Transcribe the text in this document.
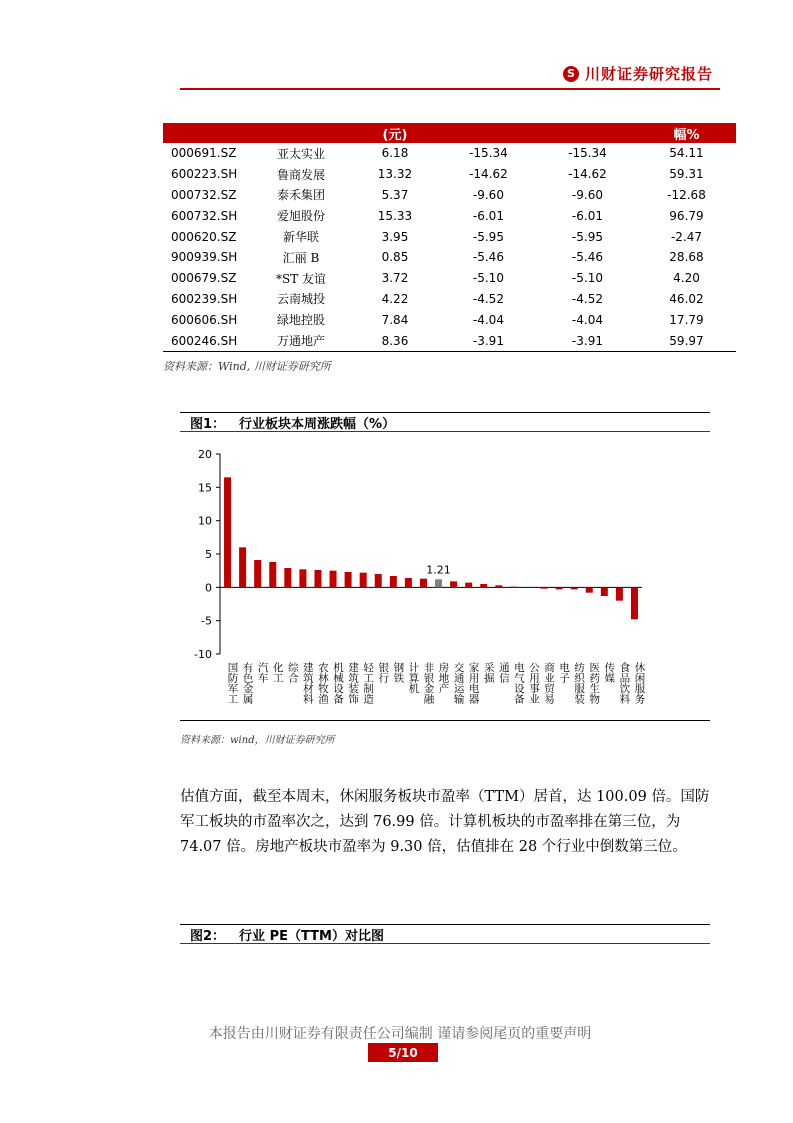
S 川财证券研究报告
		(元)			幅%
000691.SZ	亚太实业	6.18	-15.34	-15.34	54.11
600223.SH	鲁商发展	13.32	-14.62	-14.62	59.31
000732.SZ	泰禾集团	5.37	-9.60	-9.60	-12.68
600732.SH	爱旭股份	15.33	-6.01	-6.01	96.79
000620.SZ	新华联	3.95	-5.95	-5.95	-2.47
900939.SH	汇丽 B	0.85	-5.46	-5.46	28.68
000679.SZ	*ST 友谊	3.72	-5.10	-5.10	4.20
600239.SH	云南城投	4.22	-4.52	-4.52	46.02
600606.SH	绿地控股	7.84	-4.04	-4.04	17.79
600246.SH	万通地产	8.36	-3.91	-3.91	59.97
资料来源：Wind, 川财证券研究所
图1： 行业板块本周涨跌幅（%）
-10
-5
0
5
10
15
20
国防军工 有色金属 汽车 化工 综合 建筑材料 农林牧渔 机械设备 建筑装饰 轻工制造 银行 钢铁 计算机 非银金融 房地产
1.21
交通运输 家用电器 采掘 通信 电气设备 公用事业 商业贸易 电子 纺织服装 医药生物 传媒 食品饮料 休闲服务
资料来源：wind，川财证券研究所
估值方面，截至本周末，休闲服务板块市盈率（TTM）居首，达 100.09 倍。国防军工板块的市盈率次之，达到 76.99 倍。计算机板块的市盈率排在第三位，为 74.07 倍。房地产板块市盈率为 9.30 倍，估值排在 28 个行业中倒数第三位。
图2： 行业 PE（TTM）对比图
本报告由川财证券有限责任公司编制 谨请参阅尾页的重要声明
5/10
